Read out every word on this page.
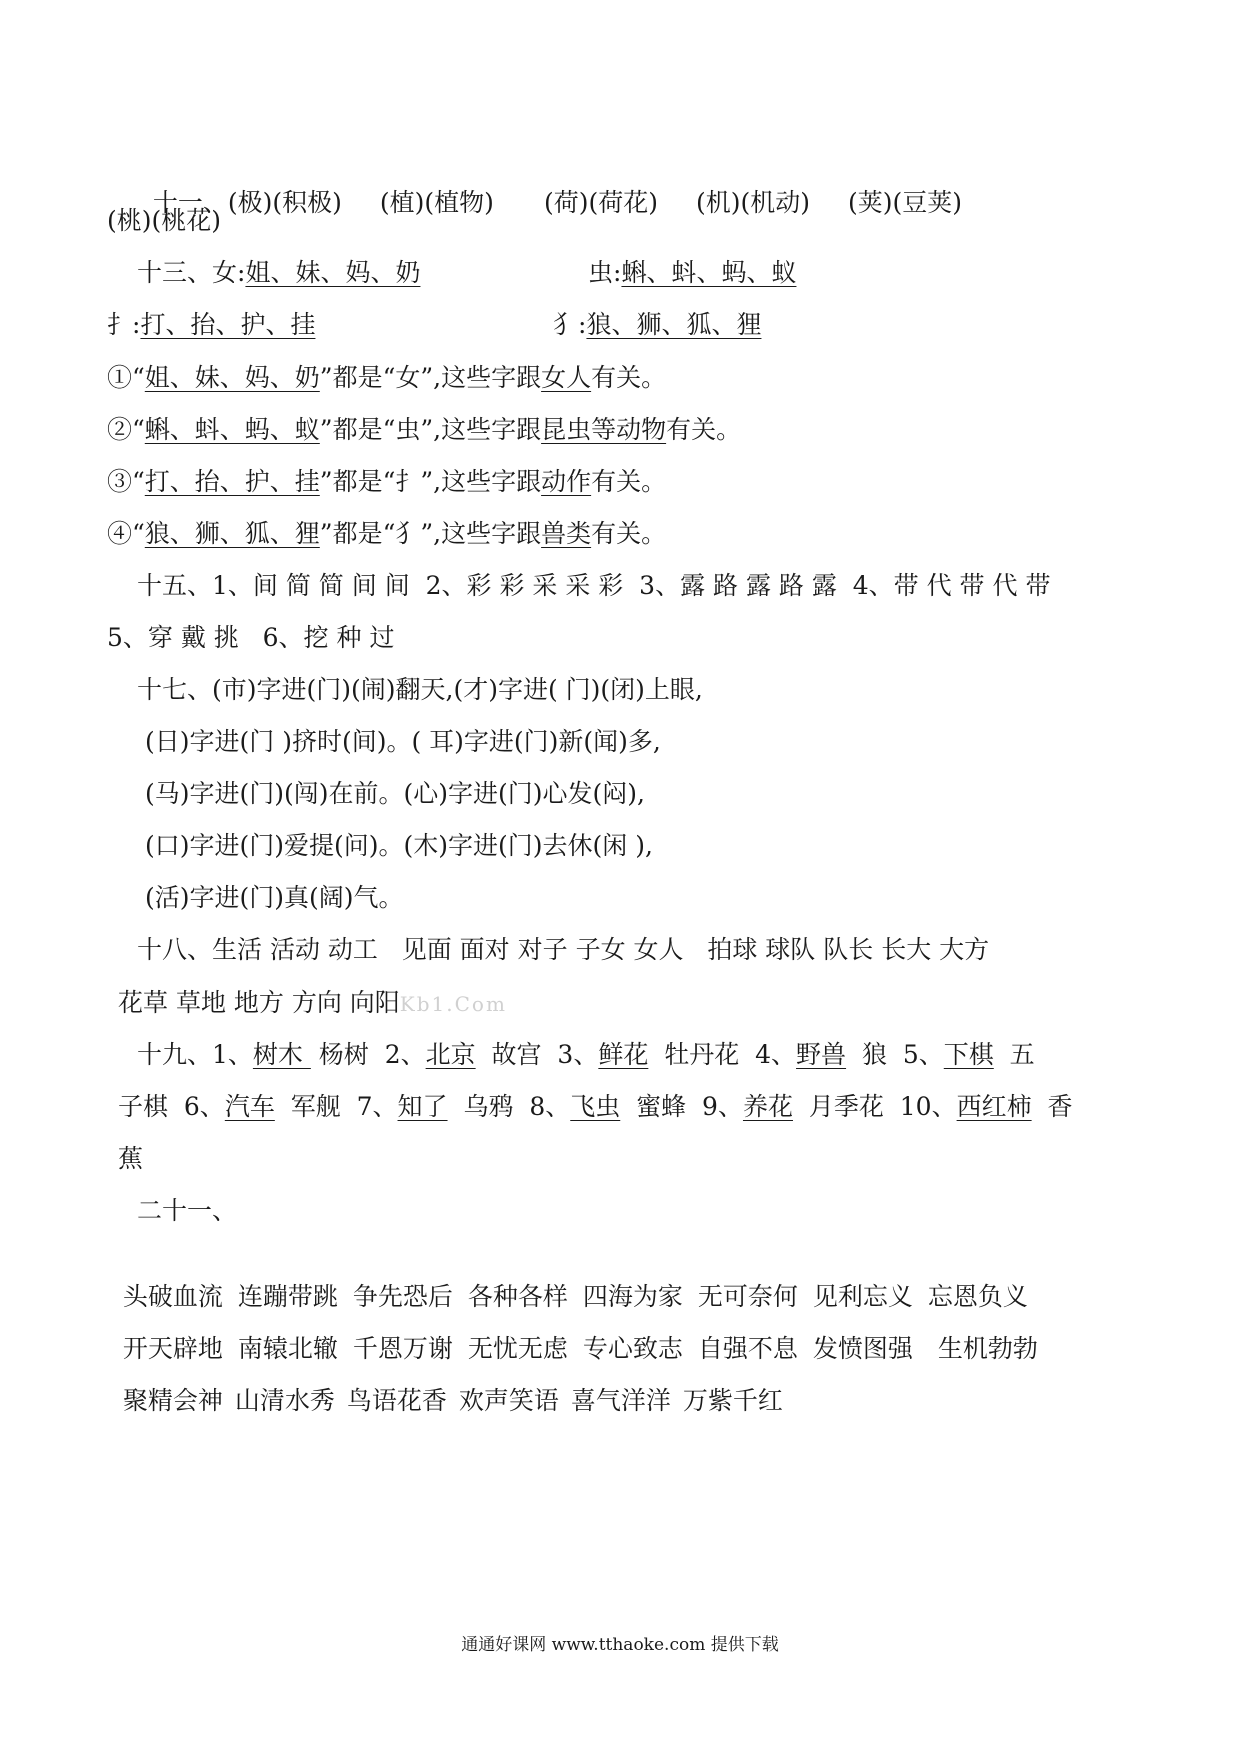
十一、(极)(积极) (植)(植物) (荷)(荷花) (机)(机动) (荚)(豆荚)

(桃)(桃花)
十三、女:姐、妹、妈、奶	虫:蝌、蚪、蚂、蚁
扌:打、抬、护、挂	犭:狼、狮、狐、狸
①“姐、妹、妈、奶”都是“女”,这些字跟女人有关。
②“蝌、蚪、蚂、蚁”都是“虫”,这些字跟昆虫等动物有关。
③“打、抬、护、挂”都是“扌”,这些字跟动作有关。
④“狼、狮、狐、狸”都是“犭”,这些字跟兽类有关。
十五、1、间 简 简 间 间  2、彩 彩 采 采 彩  3、露 路 露 路 露  4、带 代 带 代 带
5、穿 戴 挑   6、挖 种 过
十七、(市)字进(门)(闹)翻天,(才)字进( 门)(闭)上眼,
(日)字进(门 )挤时(间)。( 耳)字进(门)新(闻)多,
(马)字进(门)(闯)在前。(心)字进(门)心发(闷),
(口)字进(门)爱提(问)。(木)字进(门)去休(闲 ),
(活)字进(门)真(阔)气。
十八、生活 活动 动工   见面 面对 对子 子女 女人   拍球 球队 队长 长大 大方
花草 草地 地方 方向 向阳Kb1.Com
十九、1、树木  杨树  2、北京  故宫  3、鲜花  牡丹花  4、野兽  狼  5、下棋  五
子棋  6、汽车  军舰  7、知了  乌鸦  8、飞虫  蜜蜂  9、养花  月季花  10、西红柿  香
蕉
二十一、

头破血流 连蹦带跳 争先恐后 各种各样 四海为家 无可奈何 见利忘义 忘恩负义

开天辟地 南辕北辙 千恩万谢 无忧无虑 专心致志 自强不息 发愤图强 生机勃勃

聚精会神 山清水秀 鸟语花香 欢声笑语 喜气洋洋 万紫千红

通通好课网 www.tthaoke.com 提供下载
